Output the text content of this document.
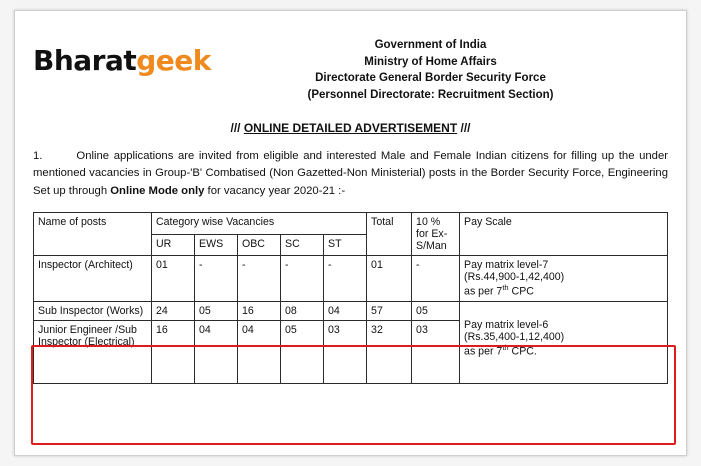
Bharatgeek	Government of India
Ministry of Home Affairs
Directorate General Border Security Force
(Personnel Directorate: Recruitment Section)
/// ONLINE DETAILED ADVERTISEMENT ///
1.	Online applications are invited from eligible and interested Male and Female Indian citizens for filling up the under mentioned vacancies in Group-'B' Combatised (Non Gazetted-Non Ministerial) posts in the Border Security Force, Engineering Set up through Online Mode only for vacancy year 2020-21 :-
Name of posts	Category wise Vacancies					Total	10 % for Ex-S/Man	Pay Scale
	UR	EWS	OBC	SC	ST			
Inspector (Architect)	01	-	-	-	-	01	-	Pay matrix level-7
(Rs.44,900-1,42,400)
as per 7th CPC

Sub Inspector (Works)	24	05	16	08	04	57	05	Pay matrix level-6
(Rs.35,400-1,12,400)
as per 7th CPC.

Junior Engineer /Sub Inspector (Electrical)	16	04	04	05	03	32	03	
